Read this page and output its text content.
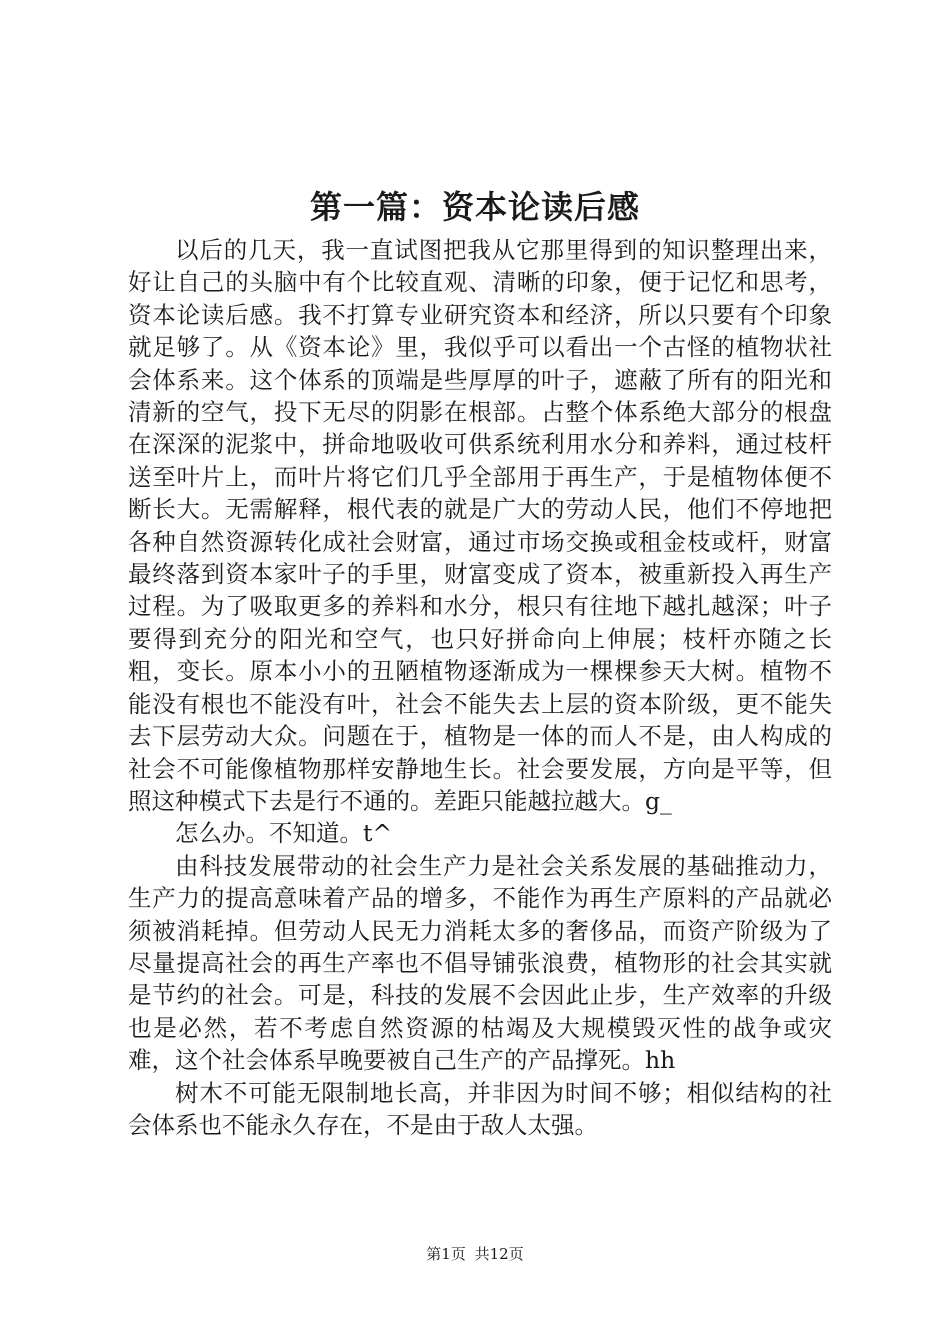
第一篇：资本论读后感

以后的几天，我一直试图把我从它那里得到的知识整理出来，好让自己的头脑中有个比较直观、清晰的印象，便于记忆和思考，资本论读后感。我不打算专业研究资本和经济，所以只要有个印象就足够了。从《资本论》里，我似乎可以看出一个古怪的植物状社会体系来。这个体系的顶端是些厚厚的叶子，遮蔽了所有的阳光和清新的空气，投下无尽的阴影在根部。占整个体系绝大部分的根盘在深深的泥浆中，拼命地吸收可供系统利用水分和养料，通过枝杆送至叶片上，而叶片将它们几乎全部用于再生产，于是植物体便不断长大。无需解释，根代表的就是广大的劳动人民，他们不停地把各种自然资源转化成社会财富，通过市场交换或租金枝或杆，财富最终落到资本家叶子的手里，财富变成了资本，被重新投入再生产过程。为了吸取更多的养料和水分，根只有往地下越扎越深；叶子要得到充分的阳光和空气，也只好拼命向上伸展；枝杆亦随之长粗，变长。原本小小的丑陋植物逐渐成为一棵棵参天大树。植物不能没有根也不能没有叶，社会不能失去上层的资本阶级，更不能失去下层劳动大众。问题在于，植物是一体的而人不是，由人构成的社会不可能像植物那样安静地生长。社会要发展，方向是平等，但照这种模式下去是行不通的。差距只能越拉越大。g_

怎么办。不知道。t^

由科技发展带动的社会生产力是社会关系发展的基础推动力，生产力的提高意味着产品的增多，不能作为再生产原料的产品就必须被消耗掉。但劳动人民无力消耗太多的奢侈品，而资产阶级为了尽量提高社会的再生产率也不倡导铺张浪费，植物形的社会其实就是节约的社会。可是，科技的发展不会因此止步，生产效率的升级也是必然，若不考虑自然资源的枯竭及大规模毁灭性的战争或灾难，这个社会体系早晚要被自己生产的产品撑死。hh

树木不可能无限制地长高，并非因为时间不够；相似结构的社会体系也不能永久存在，不是由于敌人太强。

第1页 共12页
